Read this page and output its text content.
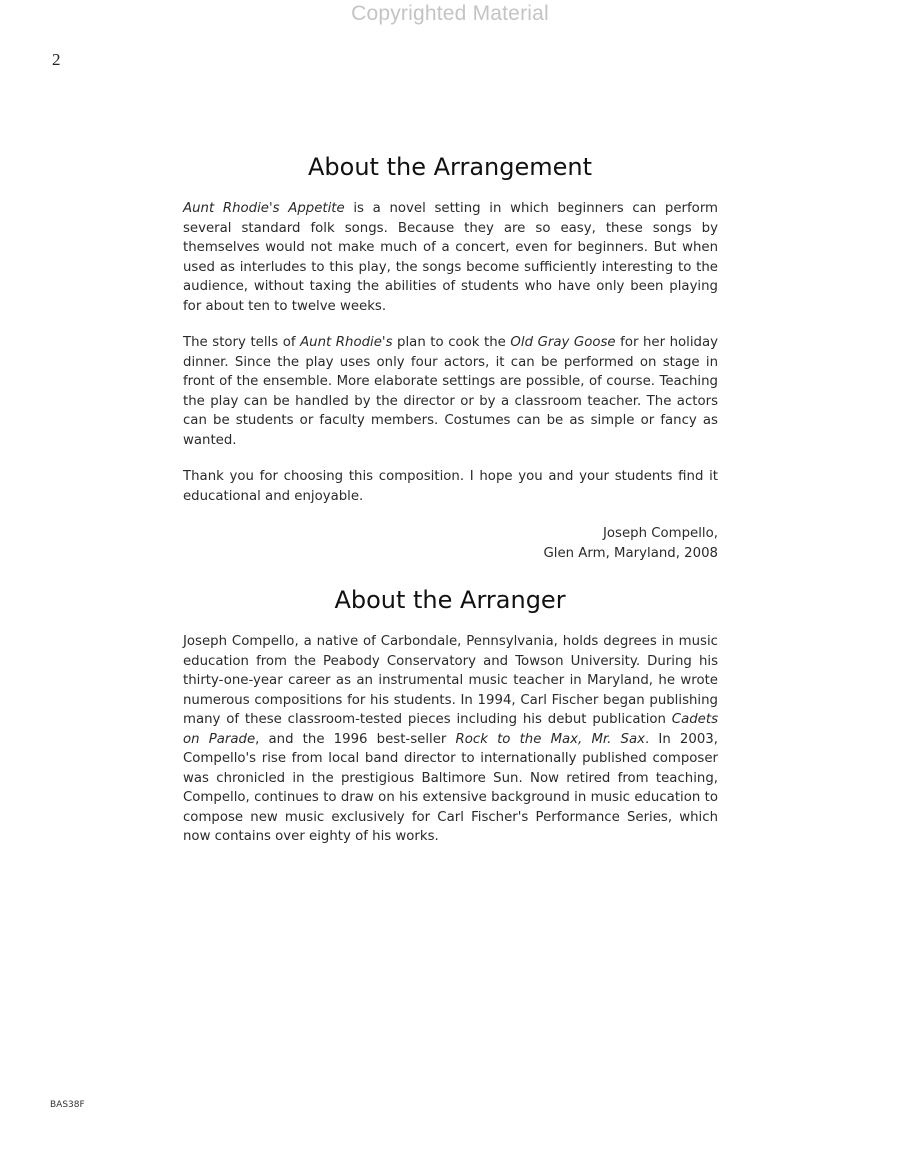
Copyrighted Material
2
About the Arrangement

Aunt Rhodie's Appetite is a novel setting in which beginners can perform several standard folk songs. Because they are so easy, these songs by themselves would not make much of a concert, even for beginners. But when used as interludes to this play, the songs become sufficiently interesting to the audience, without taxing the abilities of students who have only been playing for about ten to twelve weeks.

The story tells of Aunt Rhodie's plan to cook the Old Gray Goose for her holiday dinner. Since the play uses only four actors, it can be performed on stage in front of the ensemble. More elaborate settings are possible, of course. Teaching the play can be handled by the director or by a classroom teacher. The actors can be students or faculty members. Costumes can be as simple or fancy as wanted.

Thank you for choosing this composition. I hope you and your students find it educational and enjoyable.

Joseph Compello,
Glen Arm, Maryland, 2008
About the Arranger

Joseph Compello, a native of Carbondale, Pennsylvania, holds degrees in music education from the Peabody Conservatory and Towson University. During his thirty-one-year career as an instrumental music teacher in Maryland, he wrote numerous compositions for his students. In 1994, Carl Fischer began publishing many of these classroom-tested pieces including his debut publication Cadets on Parade, and the 1996 best-seller Rock to the Max, Mr. Sax. In 2003, Compello's rise from local band director to internationally published composer was chronicled in the prestigious Baltimore Sun. Now retired from teaching, Compello, continues to draw on his extensive background in music education to compose new music exclusively for Carl Fischer's Performance Series, which now contains over eighty of his works.

BAS38F
